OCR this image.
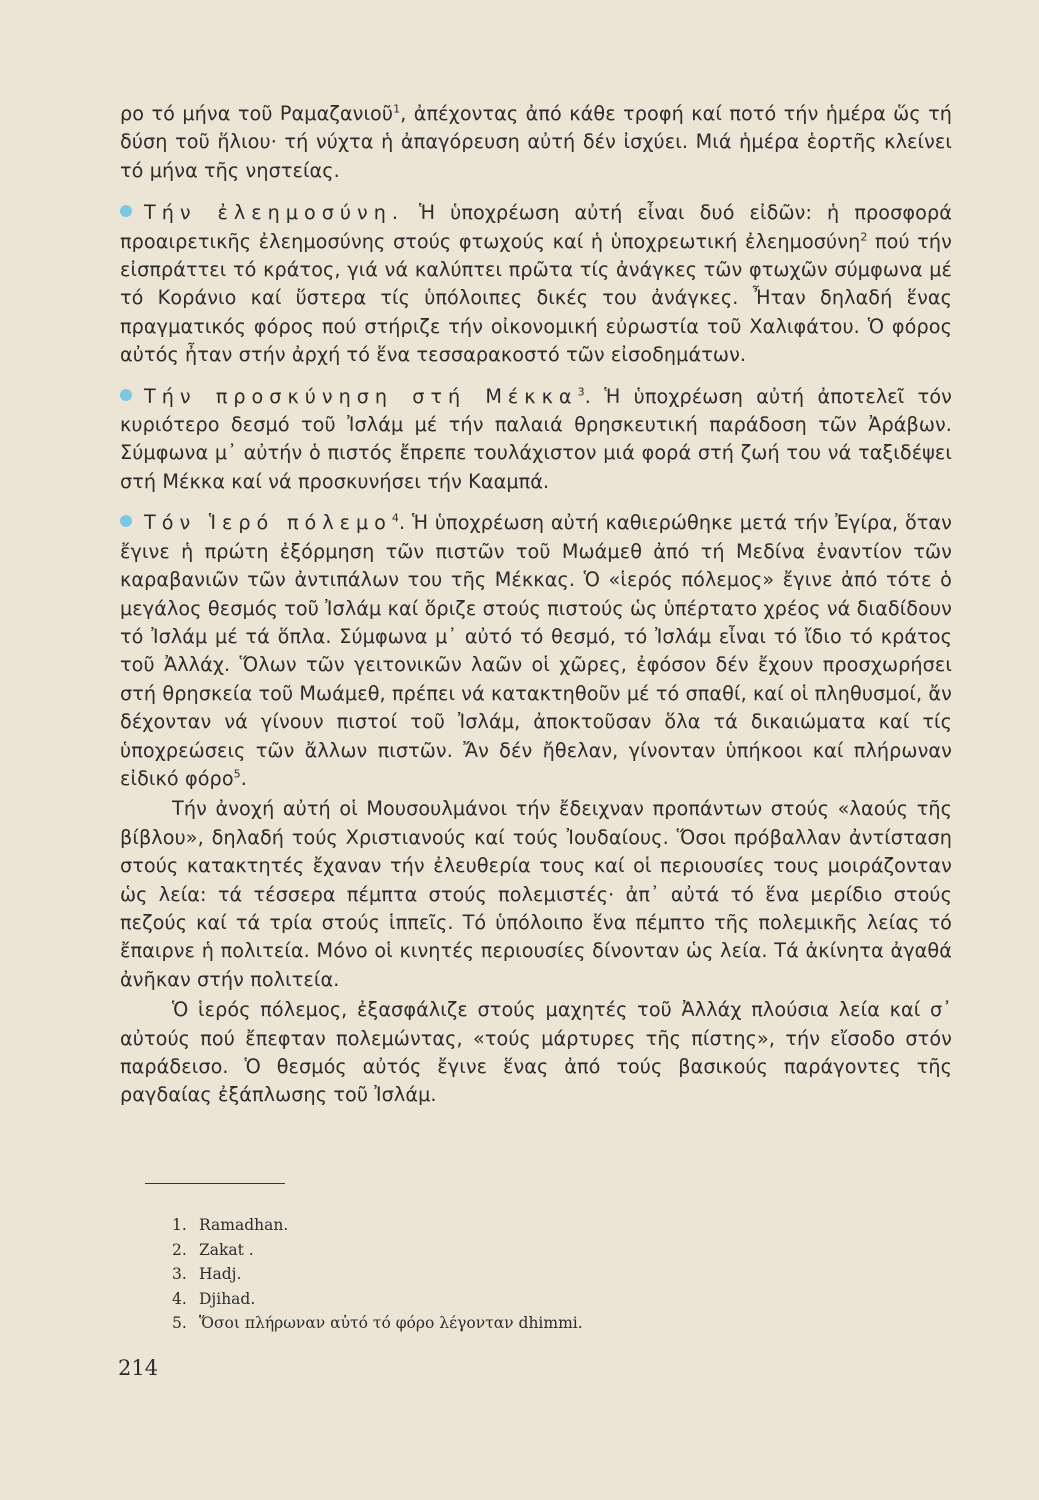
ρο τό μήνα τοῦ Ραμαζανιοῦ$^1$, ἀπέχοντας ἀπό κάθε τροφή καί ποτό τήν ἡμέρα ὥς τή δύση τοῦ ἥλιου· τή νύχτα ἡ ἀπαγόρευση αὐτή δέν ἰσχύει. Μιά ἡμέρα ἑορτῆς κλείνει τό μήνα τῆς νηστείας.

Τήν ἐλεημοσύνη. Ἡ ὑποχρέωση αὐτή εἶναι δυό εἰδῶν: ἡ προσφορά προαιρετικῆς ἐλεημοσύνης στούς φτωχούς καί ἡ ὑποχρεωτική ἐλεημοσύνη$^2$ πού τήν εἰσπράττει τό κράτος, γιά νά καλύπτει πρῶτα τίς ἀνάγκες τῶν φτωχῶν σύμφωνα μέ τό Κοράνιο καί ὕστερα τίς ὑπόλοιπες δικές του ἀνάγκες. Ἦταν δηλαδή ἕνας πραγματικός φόρος πού στήριζε τήν οἰκονομική εὐρωστία τοῦ Χαλιφάτου. Ὁ φόρος αὐτός ἦταν στήν ἀρχή τό ἕνα τεσσαρακοστό τῶν εἰσοδημάτων.

Τήν προσκύνηση στή Μέκκα$^3$. Ἡ ὑποχρέωση αὐτή ἀποτελεῖ τόν κυριότερο δεσμό τοῦ Ἰσλάμ μέ τήν παλαιά θρησκευτική παράδοση τῶν Ἀράβων. Σύμφωνα μ᾽ αὐτήν ὁ πιστός ἔπρεπε τουλάχιστον μιά φορά στή ζωή του νά ταξιδέψει στή Μέκκα καί νά προσκυνήσει τήν Κααμπά.

Τόν Ἱερό πόλεμο$^4$. Ἡ ὑποχρέωση αὐτή καθιερώθηκε μετά τήν Ἐγίρα, ὅταν ἔγινε ἡ πρώτη ἐξόρμηση τῶν πιστῶν τοῦ Μωάμεθ ἀπό τή Μεδίνα ἐναντίον τῶν καραβανιῶν τῶν ἀντιπάλων του τῆς Μέκκας. Ὁ «ἱερός πόλεμος» ἔγινε ἀπό τότε ὁ μεγάλος θεσμός τοῦ Ἰσλάμ καί ὅριζε στούς πιστούς ὡς ὑπέρτατο χρέος νά διαδίδουν τό Ἰσλάμ μέ τά ὅπλα. Σύμφωνα μ᾽ αὐτό τό θεσμό, τό Ἰσλάμ εἶναι τό ἴδιο τό κράτος τοῦ Ἀλλάχ. Ὅλων τῶν γειτονικῶν λαῶν οἱ χῶρες, ἐφόσον δέν ἔχουν προσχωρήσει στή θρησκεία τοῦ Μωάμεθ, πρέπει νά κατακτηθοῦν μέ τό σπαθί, καί οἱ πληθυσμοί, ἄν δέχονταν νά γίνουν πιστοί τοῦ Ἰσλάμ, ἀποκτοῦσαν ὅλα τά δικαιώματα καί τίς ὑποχρεώσεις τῶν ἄλλων πιστῶν. Ἄν δέν ἤθελαν, γίνονταν ὑπήκοοι καί πλήρωναν εἰδικό φόρο$^5$.

Τήν ἀνοχή αὐτή οἱ Μουσουλμάνοι τήν ἔδειχναν προπάντων στούς «λαούς τῆς βίβλου», δηλαδή τούς Χριστιανούς καί τούς Ἰουδαίους. Ὅσοι πρόβαλλαν ἀντίσταση στούς κατακτητές ἔχαναν τήν ἐλευθερία τους καί οἱ περιουσίες τους μοιράζονταν ὡς λεία: τά τέσσερα πέμπτα στούς πολεμιστές· ἀπ᾽ αὐτά τό ἕνα μερίδιο στούς πεζούς καί τά τρία στούς ἱππεῖς. Τό ὑπόλοιπο ἕνα πέμπτο τῆς πολεμικῆς λείας τό ἔπαιρνε ἡ πολιτεία. Μόνο οἱ κινητές περιουσίες δίνονταν ὡς λεία. Τά ἀκίνητα ἀγαθά ἀνῆκαν στήν πολιτεία.

Ὁ ἱερός πόλεμος, ἐξασφάλιζε στούς μαχητές τοῦ Ἀλλάχ πλούσια λεία καί σ᾽ αὐτούς πού ἔπεφταν πολεμώντας, «τούς μάρτυρες τῆς πίστης», τήν εἴσοδο στόν παράδεισο. Ὁ θεσμός αὐτός ἔγινε ἕνας ἀπό τούς βασικούς παράγοντες τῆς ραγδαίας ἐξάπλωσης τοῦ Ἰσλάμ.

1. Ramadhan.
2. Zakat .
3. Hadj.
4. Djihad.
5. Ὅσοι πλήρωναν αὐτό τό φόρο λέγονταν dhimmi.
214
